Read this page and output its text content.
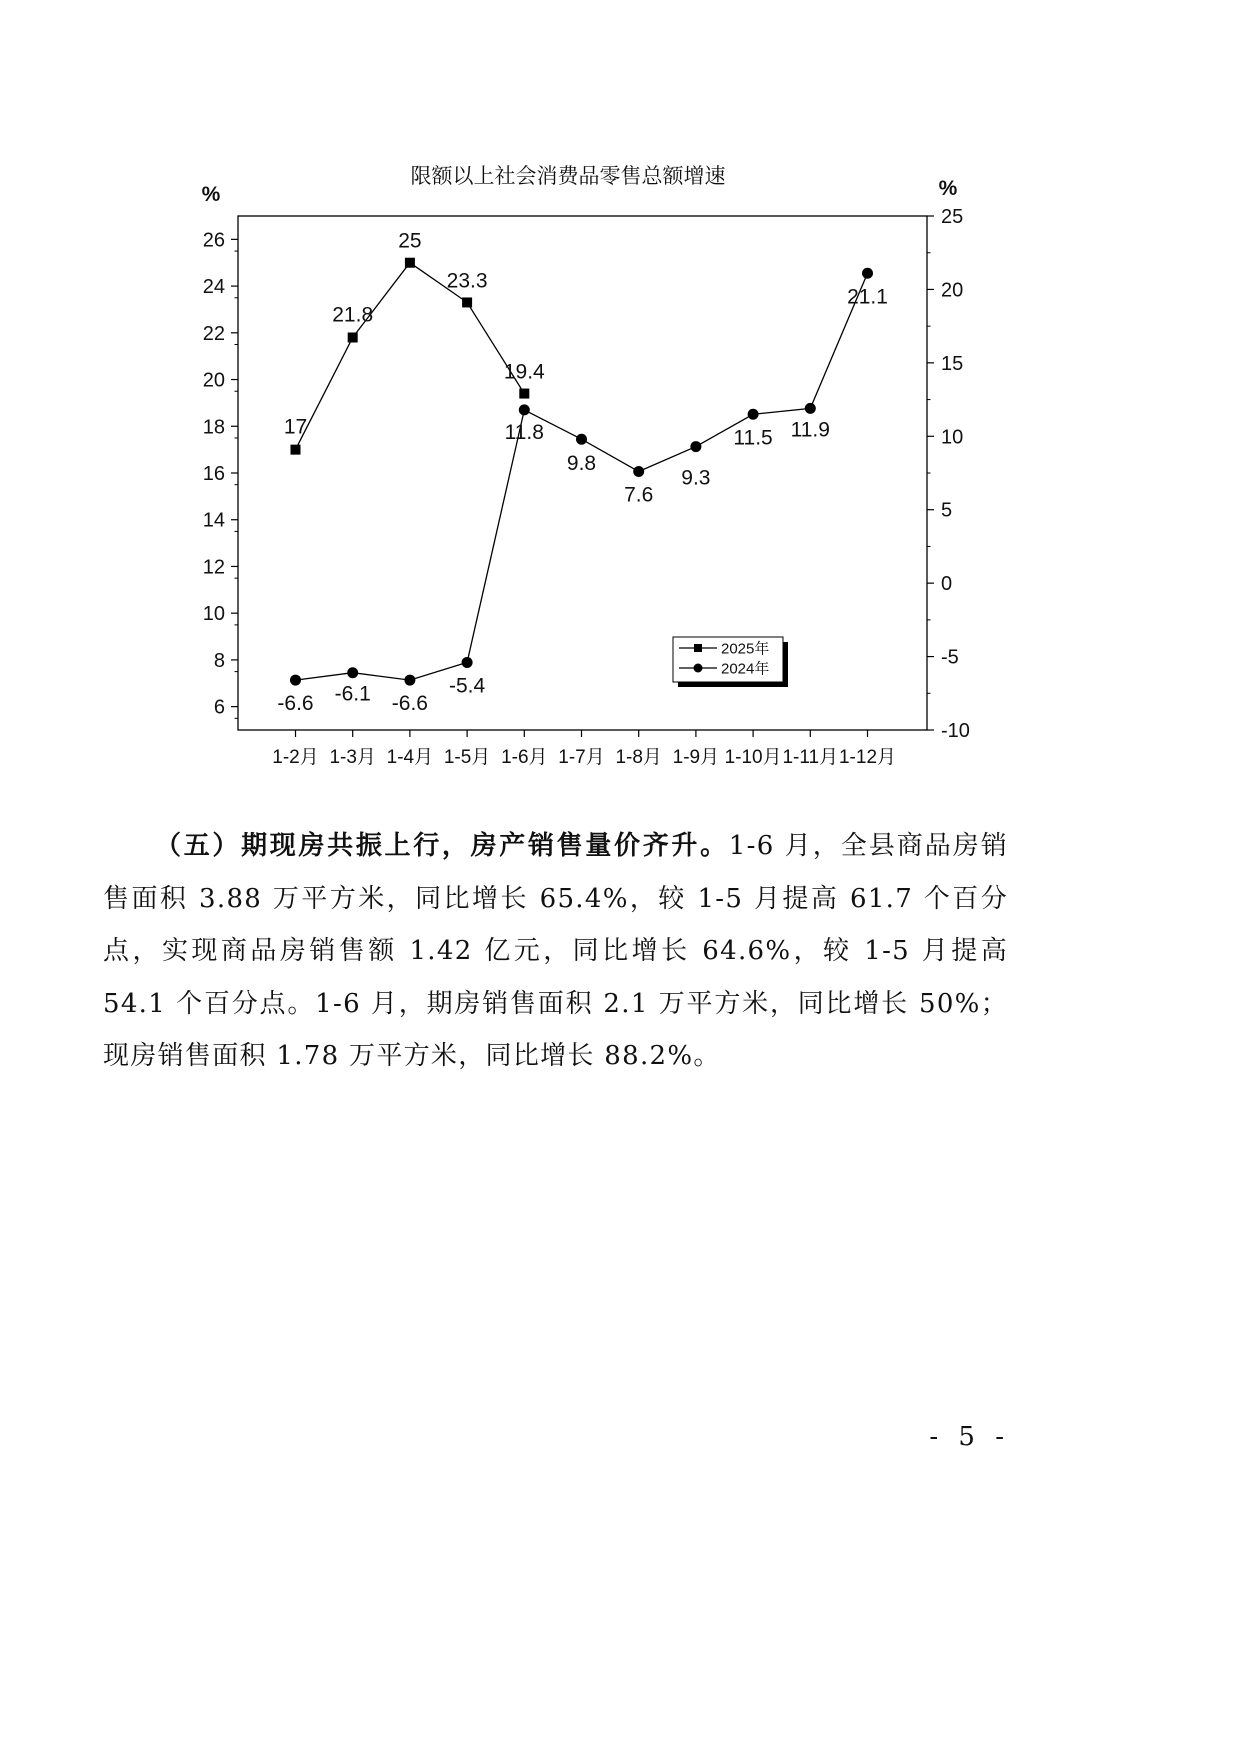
限额以上社会消费品零售总额增速
%	%
6
8
10
12
14
16
18
20
22
24
26
-10
-5
0
5
10
15
20
25
1-2月 1-3月 1-4月 1-5月 1-6月 1-7月 1-8月 1-9月 1-10月 1-11月 1-12月
17
21.8
25
23.3
19.4
-6.6 -6.1 -6.6
-5.4
11.8
9.8
7.6
9.3
11.5 11.9
21.1
2025年
2024年

（五）期现房共振上行，房产销售量价齐升。1-6 月，全县商品房销售面积 3.88 万平方米，同比增长 65.4%，较 1-5 月提高 61.7 个百分点，实现商品房销售额 1.42 亿元，同比增长 64.6%，较 1-5 月提高 54.1 个百分点。1-6 月，期房销售面积 2.1 万平方米，同比增长 50%；现房销售面积 1.78 万平方米，同比增长 88.2%。

- 5 -
